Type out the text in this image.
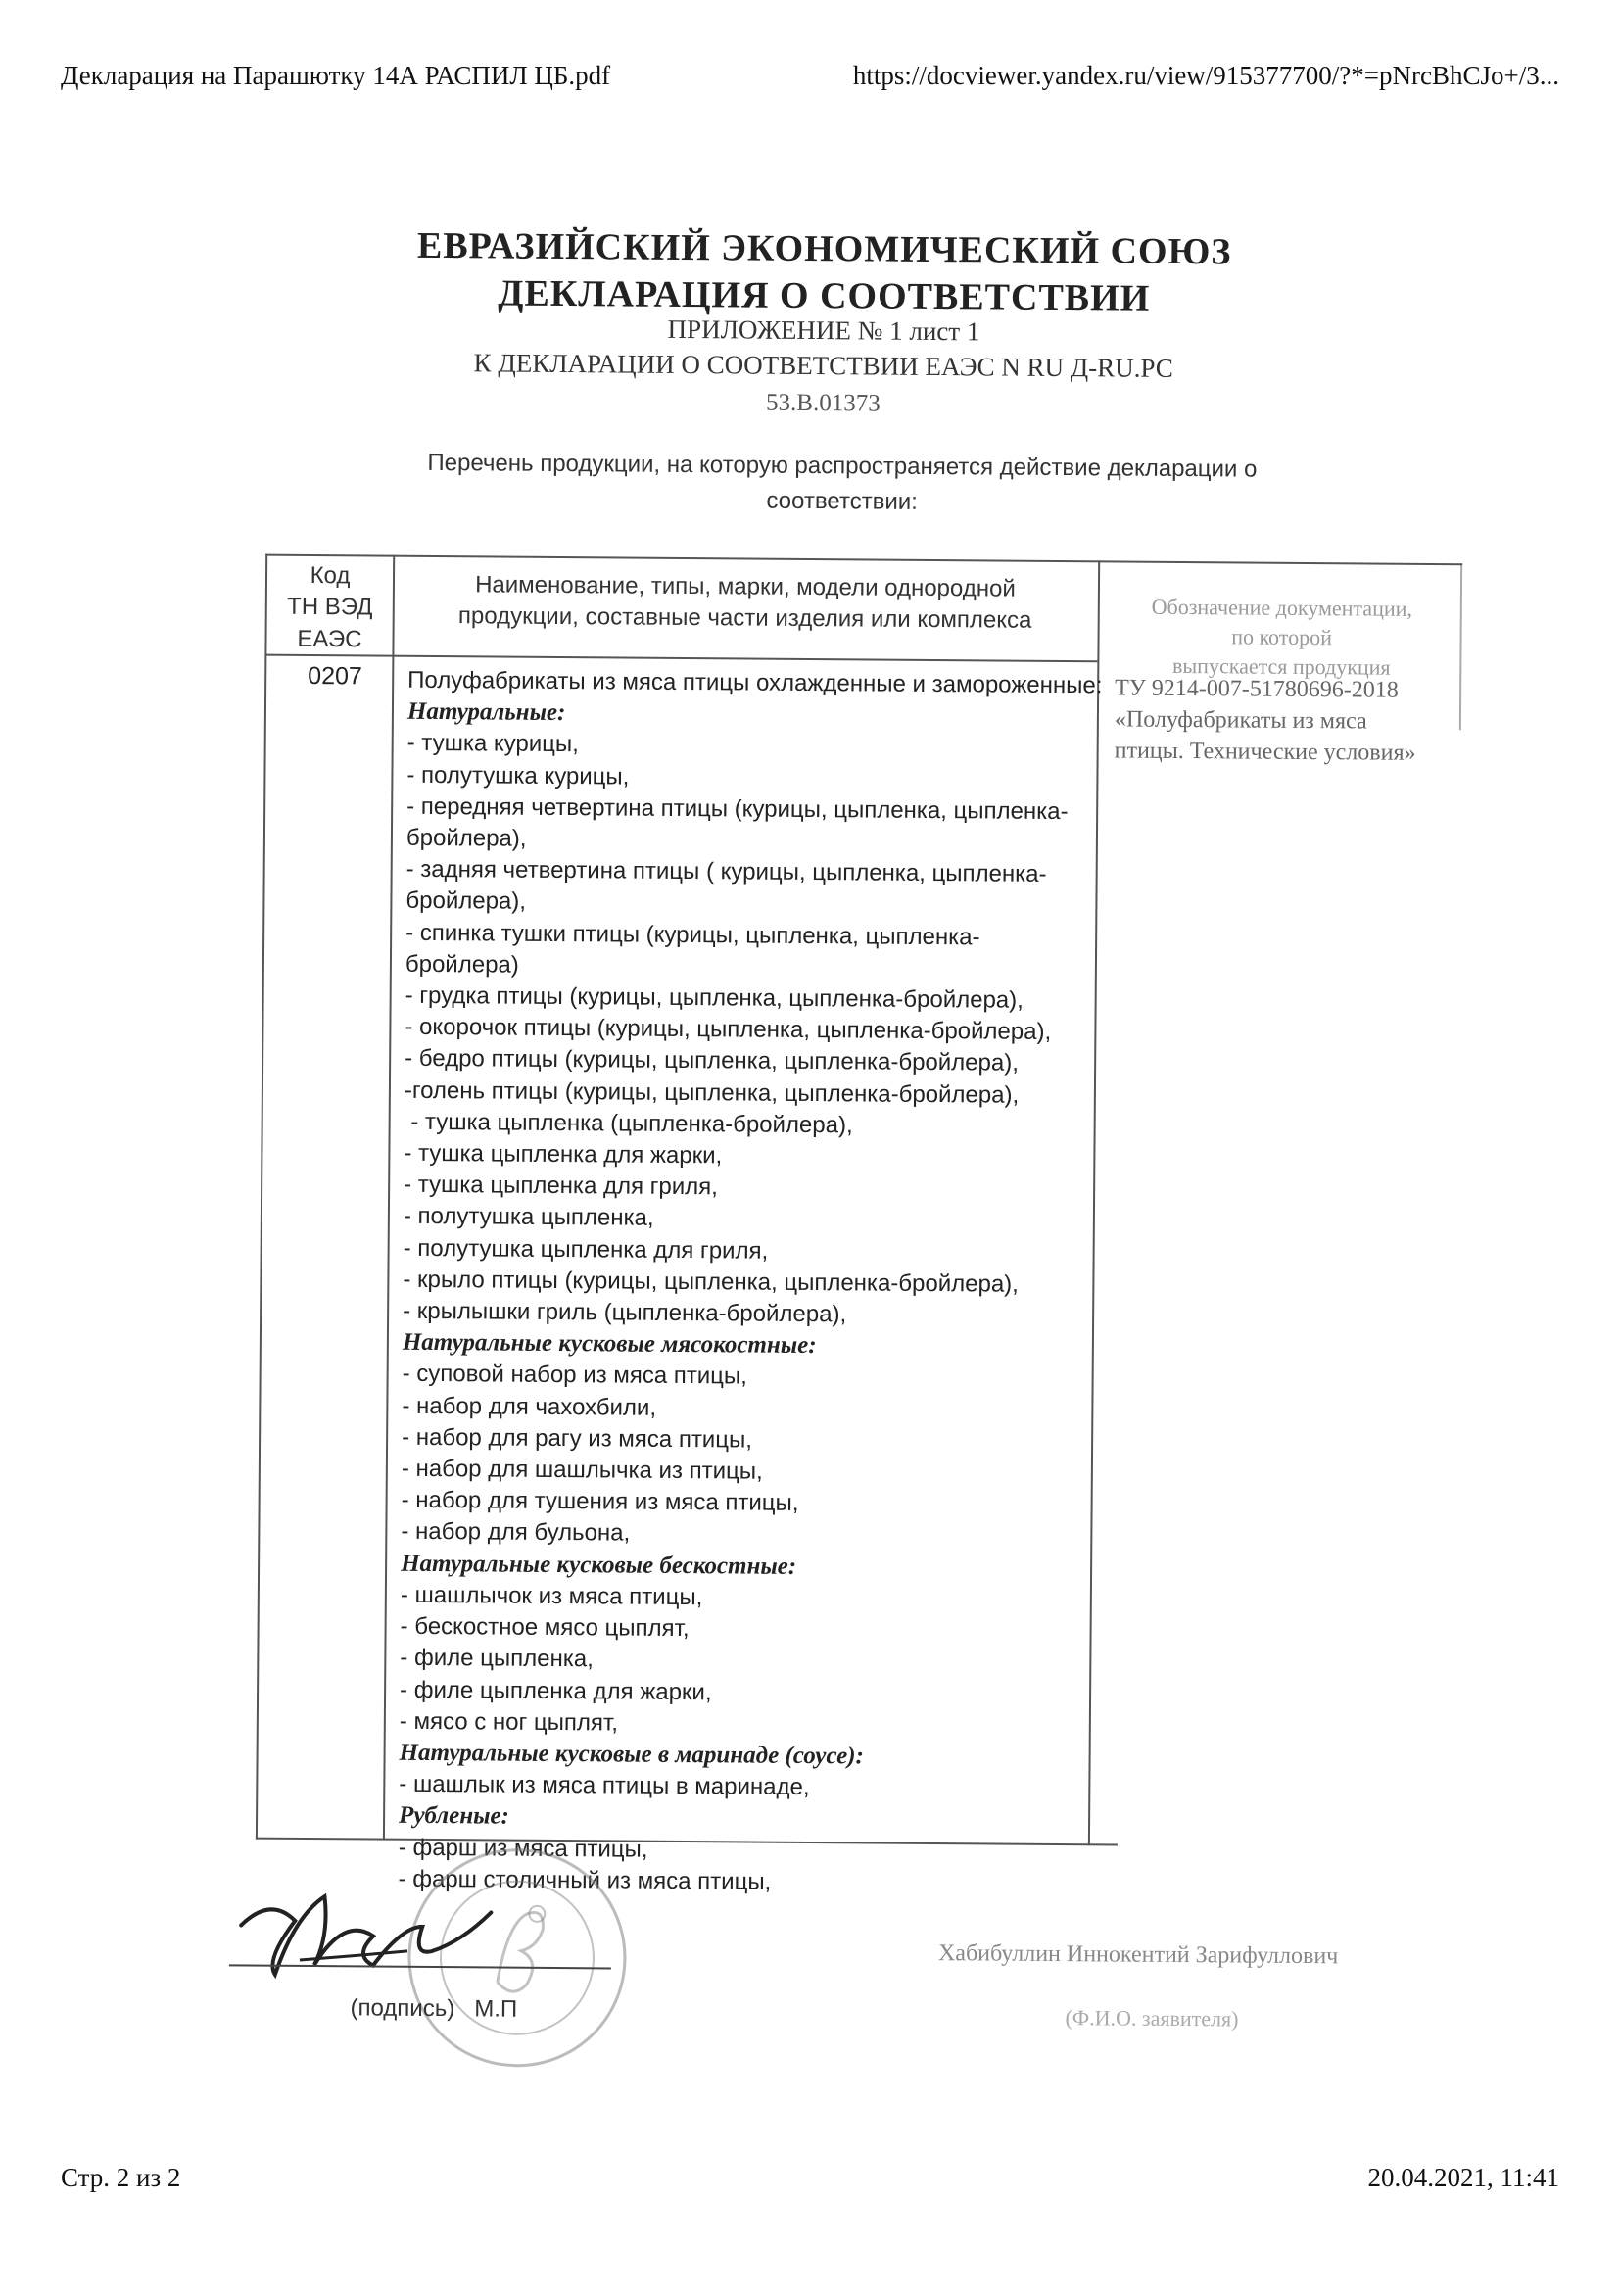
Декларация на Парашютку 14А РАСПИЛ ЦБ.pdf	https://docviewer.yandex.ru/view/915377700/?*=pNrcBhCJo+/3...
ЕВРАЗИЙСКИЙ ЭКОНОМИЧЕСКИЙ СОЮЗ
ДЕКЛАРАЦИЯ О СООТВЕТСТВИИ
ПРИЛОЖЕНИЕ № 1 лист 1
К ДЕКЛАРАЦИИ О СООТВЕТСТВИИ ЕАЭС N RU Д-RU.РС
53.В.01373
Перечень продукции, на которую распространяется действие декларации о соответствии:
Код
ТН ВЭД
ЕАЭС
Наименование, типы, марки, модели однородной
продукции, составные части изделия или комплекса	Обозначение документации,
по которой
выпускается продукция
0207 Полуфабрикаты из мяса птицы охлажденные и замороженные:
Натуральные:
- тушка курицы,
- полутушка курицы,
- передняя четвертина птицы (курицы, цыпленка, цыпленка-
бройлера),
- задняя четвертина птицы ( курицы, цыпленка, цыпленка-
бройлера),
- спинка тушки птицы (курицы, цыпленка, цыпленка-
бройлера)
- грудка птицы (курицы, цыпленка, цыпленка-бройлера),
- окорочок птицы (курицы, цыпленка, цыпленка-бройлера),
- бедро птицы (курицы, цыпленка, цыпленка-бройлера),
-голень птицы (курицы, цыпленка, цыпленка-бройлера),
- тушка цыпленка (цыпленка-бройлера),
- тушка цыпленка для жарки,
- тушка цыпленка для гриля,
- полутушка цыпленка,
- полутушка цыпленка для гриля,
- крыло птицы (курицы, цыпленка, цыпленка-бройлера),
- крылышки гриль (цыпленка-бройлера),
Натуральные кусковые мясокостные:
- суповой набор из мяса птицы,
- набор для чахохбили,
- набор для рагу из мяса птицы,
- набор для шашлычка из птицы,
- набор для тушения из мяса птицы,
- набор для бульона,
Натуральные кусковые бескостные:
- шашлычок из мяса птицы,
- бескостное мясо цыплят,
- филе цыпленка,
- филе цыпленка для жарки,
- мясо с ног цыплят,
Натуральные кусковые в маринаде (соусе):
- шашлык из мяса птицы в маринаде,
Рубленые:
- фарш из мяса птицы,
- фарш столичный из мяса птицы,
ТУ 9214-007-51780696-2018
«Полуфабрикаты из мяса
птицы. Технические условия»
(подпись)   М.П
Хабибуллин Иннокентий Зарифуллович
(Ф.И.О. заявителя)
Стр. 2 из 2	20.04.2021, 11:41
